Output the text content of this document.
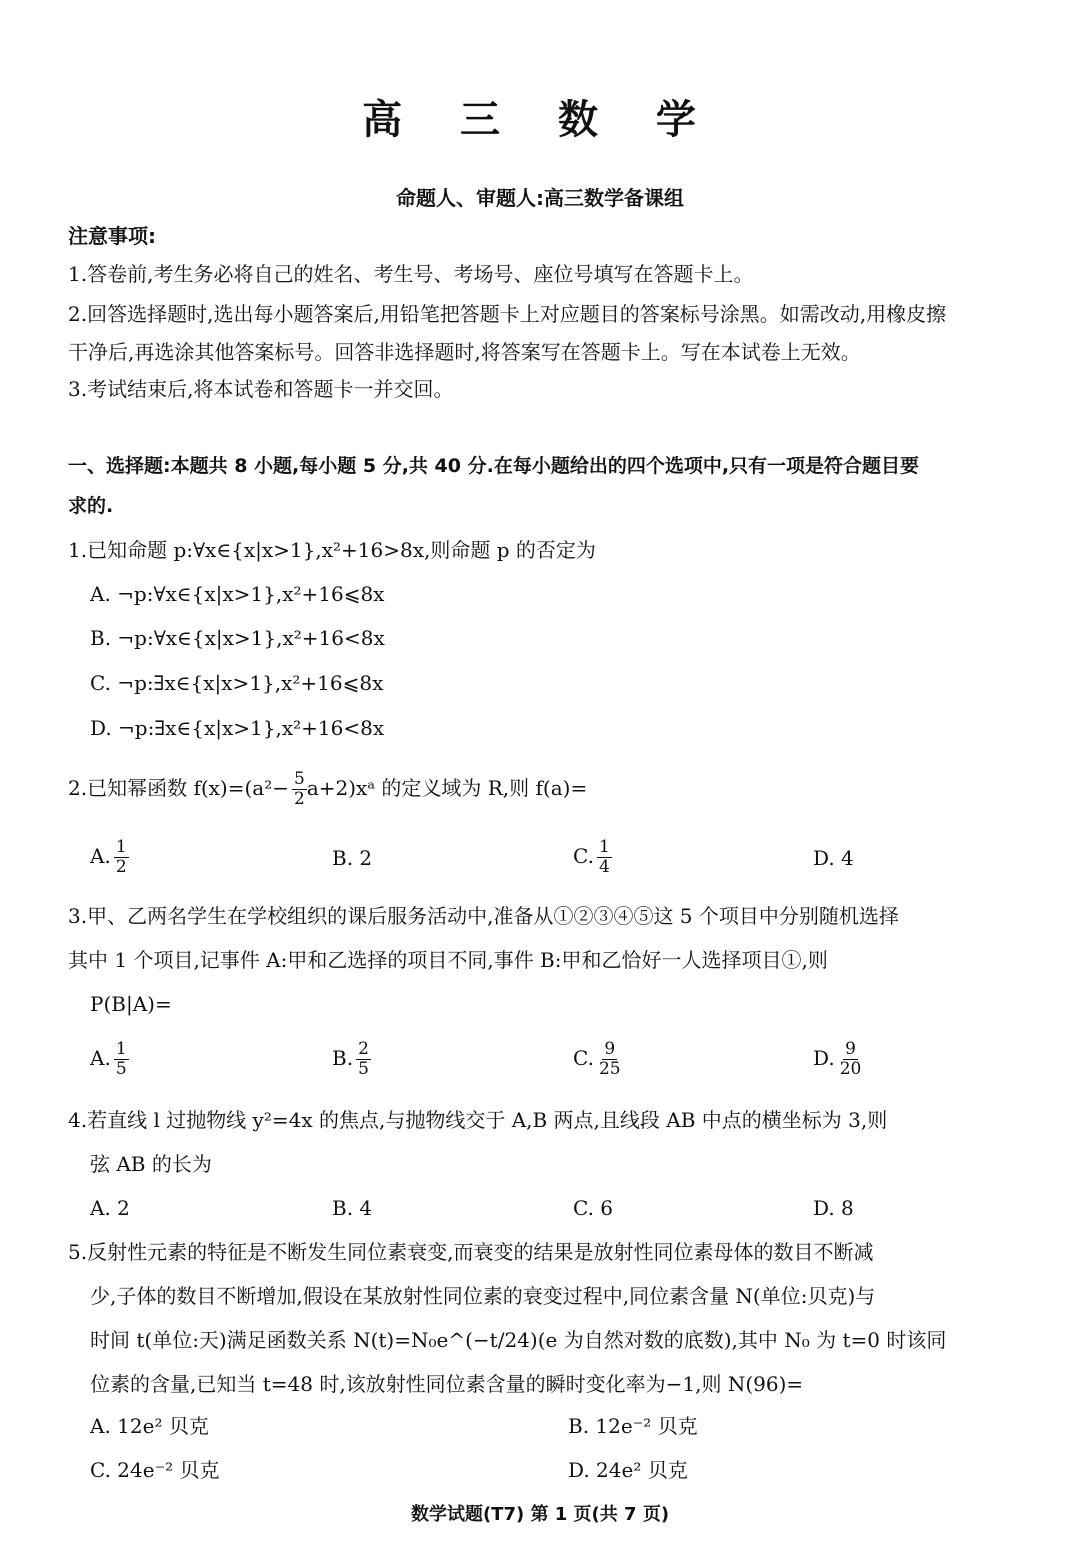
高 三 数 学
命题人、审题人:高三数学备课组
注意事项:
1.答卷前,考生务必将自己的姓名、考生号、考场号、座位号填写在答题卡上。
2.回答选择题时,选出每小题答案后,用铅笔把答题卡上对应题目的答案标号涂黑。如需改动,用橡皮擦
干净后,再选涂其他答案标号。回答非选择题时,将答案写在答题卡上。写在本试卷上无效。
3.考试结束后,将本试卷和答题卡一并交回。
一、选择题:本题共 8 小题,每小题 5 分,共 40 分.在每小题给出的四个选项中,只有一项是符合题目要
求的.
1.已知命题 p:∀x∈{x|x>1},x²+16>8x,则命题 p 的否定为
A. ¬p:∀x∈{x|x>1},x²+16⩽8x
B. ¬p:∀x∈{x|x>1},x²+16<8x
C. ¬p:∃x∈{x|x>1},x²+16⩽8x
D. ¬p:∃x∈{x|x>1},x²+16<8x
2.已知幂函数 $f(x)=(a^2- \frac{5}{2}$ a+2)xᵃ 的定义域为 R,则 f(a)=
A. $\frac{1}{2}$	B. 2	C. $\frac{1}{4}$	D. 4
3.甲、乙两名学生在学校组织的课后服务活动中,准备从①②③④⑤这 5 个项目中分别随机选择
其中 1 个项目,记事件 A:甲和乙选择的项目不同,事件 B:甲和乙恰好一人选择项目①,则
P(B|A)=
A. $\frac{1}{5}$	B. $\frac{2}{5}$	C. $\frac{9}{25}$	D. $\frac{9}{20}$
4.若直线 l 过抛物线 y²=4x 的焦点,与抛物线交于 A,B 两点,且线段 AB 中点的横坐标为 3,则
弦 AB 的长为
A. 2	B. 4	C. 6	D. 8
5.反射性元素的特征是不断发生同位素衰变,而衰变的结果是放射性同位素母体的数目不断减
少,子体的数目不断增加,假设在某放射性同位素的衰变过程中,同位素含量 N(单位:贝克)与
时间 t(单位:天)满足函数关系 N(t)=N₀e^(−t/24)(e 为自然对数的底数),其中 N₀ 为 t=0 时该同
位素的含量,已知当 t=48 时,该放射性同位素含量的瞬时变化率为−1,则 N(96)=
A. 12e² 贝克	B. 12e⁻² 贝克
C. 24e⁻² 贝克	D. 24e² 贝克
数学试题(T7) 第 1 页(共 7 页)
